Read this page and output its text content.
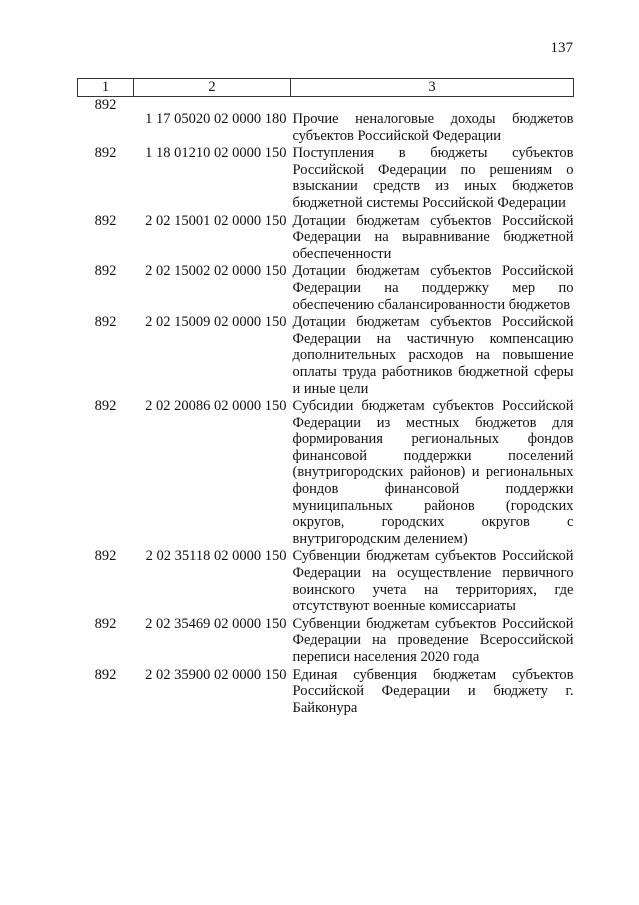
137
1	2	3
892	1 17 05020 02 0000 180	Прочие неналоговые доходы бюджетов субъектов Российской Федерации
892	1 18 01210 02 0000 150	Поступления в бюджеты субъектов Российской Федерации по решениям о взыскании средств из иных бюджетов бюджетной системы Российской Федерации
892	2 02 15001 02 0000 150	Дотации бюджетам субъектов Российской Федерации на выравнивание бюджетной обеспеченности
892	2 02 15002 02 0000 150	Дотации бюджетам субъектов Российской Федерации на поддержку мер по обеспечению сбалансированности бюджетов
892	2 02 15009 02 0000 150	Дотации бюджетам субъектов Российской Федерации на частичную компенсацию дополнительных расходов на повышение оплаты труда работников бюджетной сферы и иные цели
892	2 02 20086 02 0000 150	Субсидии бюджетам субъектов Российской Федерации из местных бюджетов для формирования региональных фондов финансовой поддержки поселений (внутригородских районов) и региональных фондов финансовой поддержки муниципальных районов (городских округов, городских округов с внутригородским делением)
892	2 02 35118 02 0000 150	Субвенции бюджетам субъектов Российской Федерации на осуществление первичного воинского учета на территориях, где отсутствуют военные комиссариаты
892	2 02 35469 02 0000 150	Субвенции бюджетам субъектов Российской Федерации на проведение Всероссийской переписи населения 2020 года
892	2 02 35900 02 0000 150	Единая субвенция бюджетам субъектов Российской Федерации и бюджету г. Байконура
